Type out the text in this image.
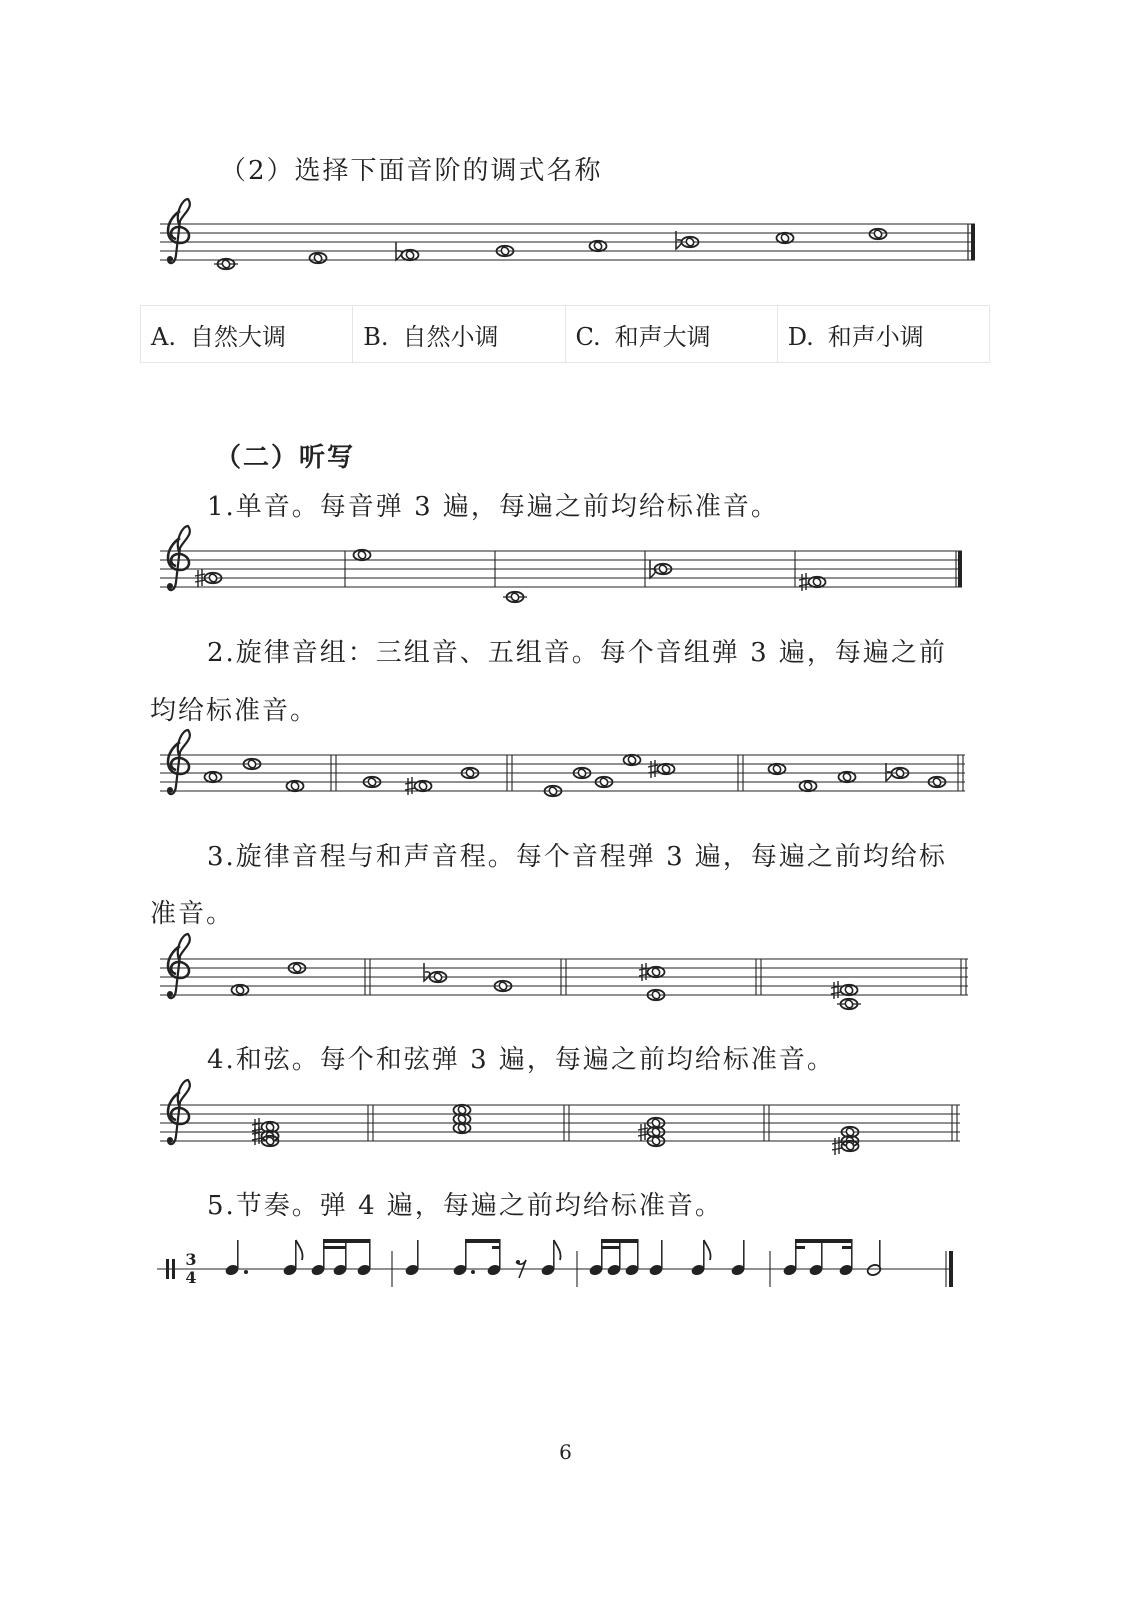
（2）选择下面音阶的调式名称
A. 自然大调	B. 自然小调	C. 和声大调	D. 和声小调
（二）听写
1.单音。每音弹 3 遍，每遍之前均给标准音。
2.旋律音组：三组音、五组音。每个音组弹 3 遍，每遍之前
均给标准音。
3.旋律音程与和声音程。每个音程弹 3 遍，每遍之前均给标
准音。
4.和弦。每个和弦弹 3 遍，每遍之前均给标准音。
5.节奏。弹 4 遍，每遍之前均给标准音。
6
3
4
